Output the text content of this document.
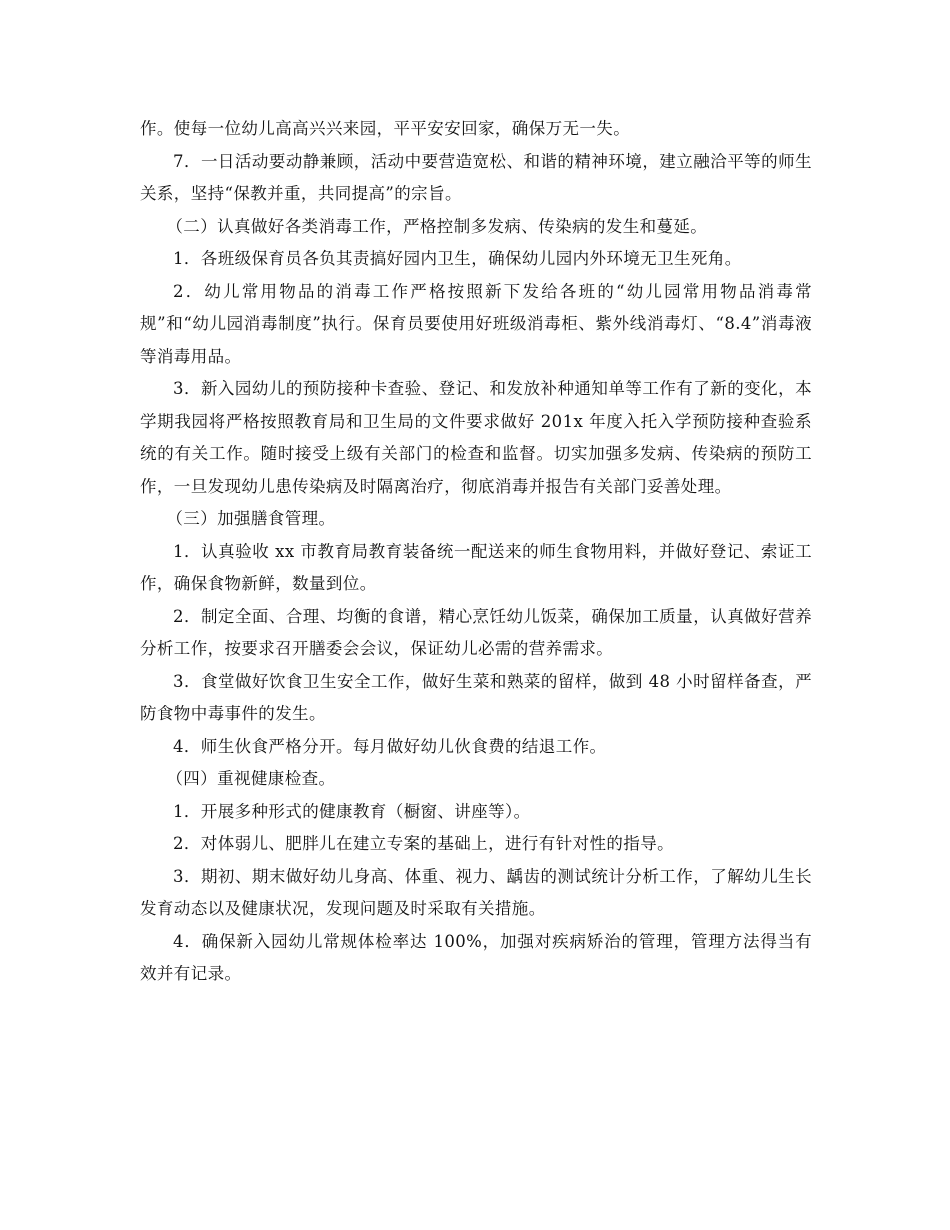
作。使每一位幼儿高高兴兴来园，平平安安回家，确保万无一失。

7．一日活动要动静兼顾，活动中要营造宽松、和谐的精神环境，建立融洽平等的师生关系，坚持“保教并重，共同提高”的宗旨。

（二）认真做好各类消毒工作，严格控制多发病、传染病的发生和蔓延。

1．各班级保育员各负其责搞好园内卫生，确保幼儿园内外环境无卫生死角。

2．幼儿常用物品的消毒工作严格按照新下发给各班的“幼儿园常用物品消毒常规”和“幼儿园消毒制度”执行。保育员要使用好班级消毒柜、紫外线消毒灯、“8.4”消毒液等消毒用品。

3．新入园幼儿的预防接种卡查验、登记、和发放补种通知单等工作有了新的变化，本学期我园将严格按照教育局和卫生局的文件要求做好 201x 年度入托入学预防接种查验系统的有关工作。随时接受上级有关部门的检查和监督。切实加强多发病、传染病的预防工作，一旦发现幼儿患传染病及时隔离治疗，彻底消毒并报告有关部门妥善处理。

（三）加强膳食管理。

1．认真验收 xx 市教育局教育装备统一配送来的师生食物用料，并做好登记、索证工作，确保食物新鲜，数量到位。

2．制定全面、合理、均衡的食谱，精心烹饪幼儿饭菜，确保加工质量，认真做好营养分析工作，按要求召开膳委会会议，保证幼儿必需的营养需求。

3．食堂做好饮食卫生安全工作，做好生菜和熟菜的留样，做到 48 小时留样备查，严防食物中毒事件的发生。

4．师生伙食严格分开。每月做好幼儿伙食费的结退工作。

（四）重视健康检查。

1．开展多种形式的健康教育（橱窗、讲座等）。

2．对体弱儿、肥胖儿在建立专案的基础上，进行有针对性的指导。

3．期初、期末做好幼儿身高、体重、视力、龋齿的测试统计分析工作，了解幼儿生长发育动态以及健康状况，发现问题及时采取有关措施。

4．确保新入园幼儿常规体检率达 100%，加强对疾病矫治的管理，管理方法得当有效并有记录。
